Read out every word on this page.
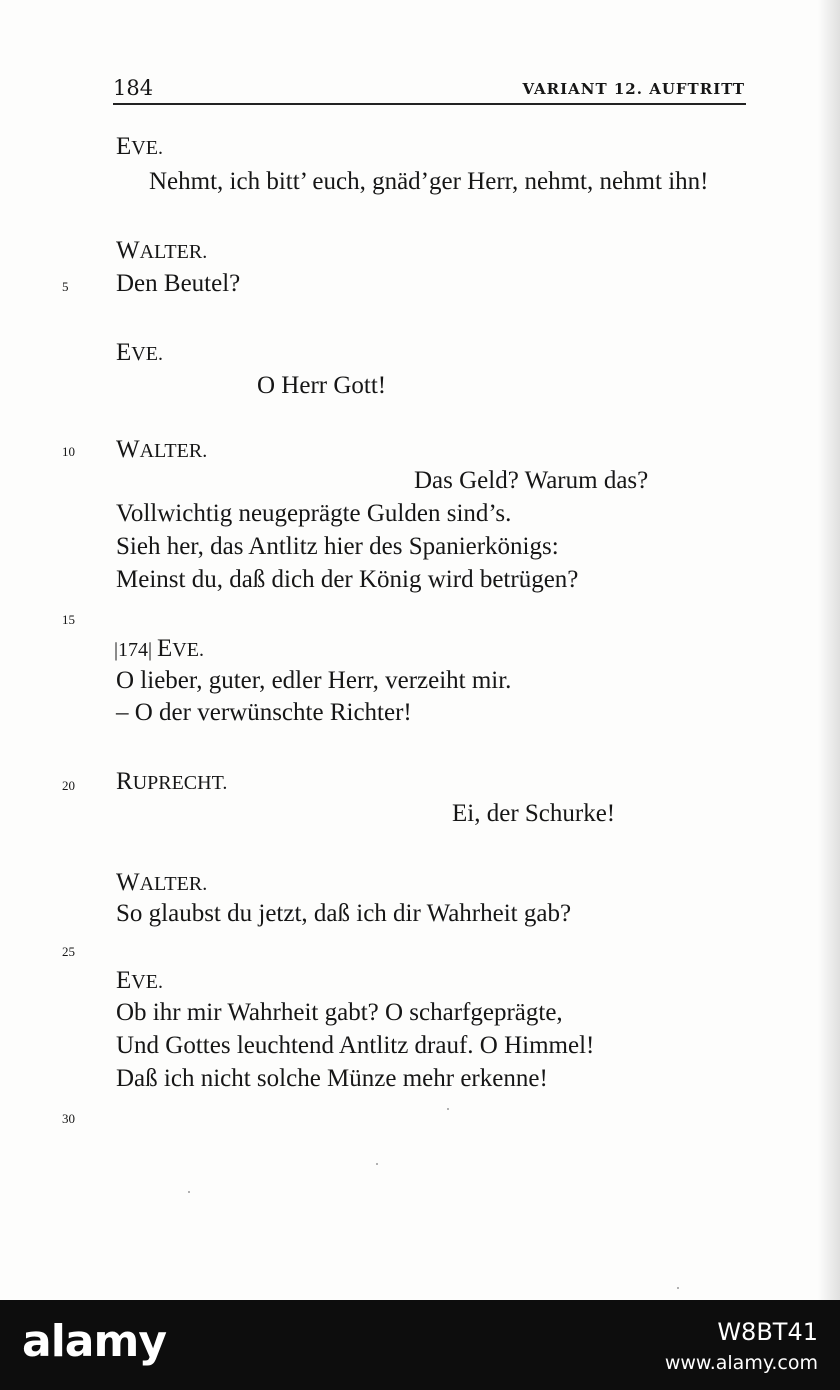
184	VARIANT 12. AUFTRITT
EVE.
Nehmt, ich bitt’ euch, gnäd’ger Herr, nehmt, nehmt ihn!
WALTER.
5 Den Beutel?
EVE.
O Herr Gott!
10 WALTER.
Das Geld? Warum das?
Vollwichtig neugeprägte Gulden sind’s.
Sieh her, das Antlitz hier des Spanierkönigs:
Meinst du, daß dich der König wird betrügen?
15
|174| EVE.
O lieber, guter, edler Herr, verzeiht mir.
– O der verwünschte Richter!
20 RUPRECHT.
Ei, der Schurke!
WALTER.
So glaubst du jetzt, daß ich dir Wahrheit gab?
25
EVE.
Ob ihr mir Wahrheit gabt? O scharfgeprägte,
Und Gottes leuchtend Antlitz drauf. O Himmel!
Daß ich nicht solche Münze mehr erkenne!
30
alamy	W8BT41
www.alamy.com
